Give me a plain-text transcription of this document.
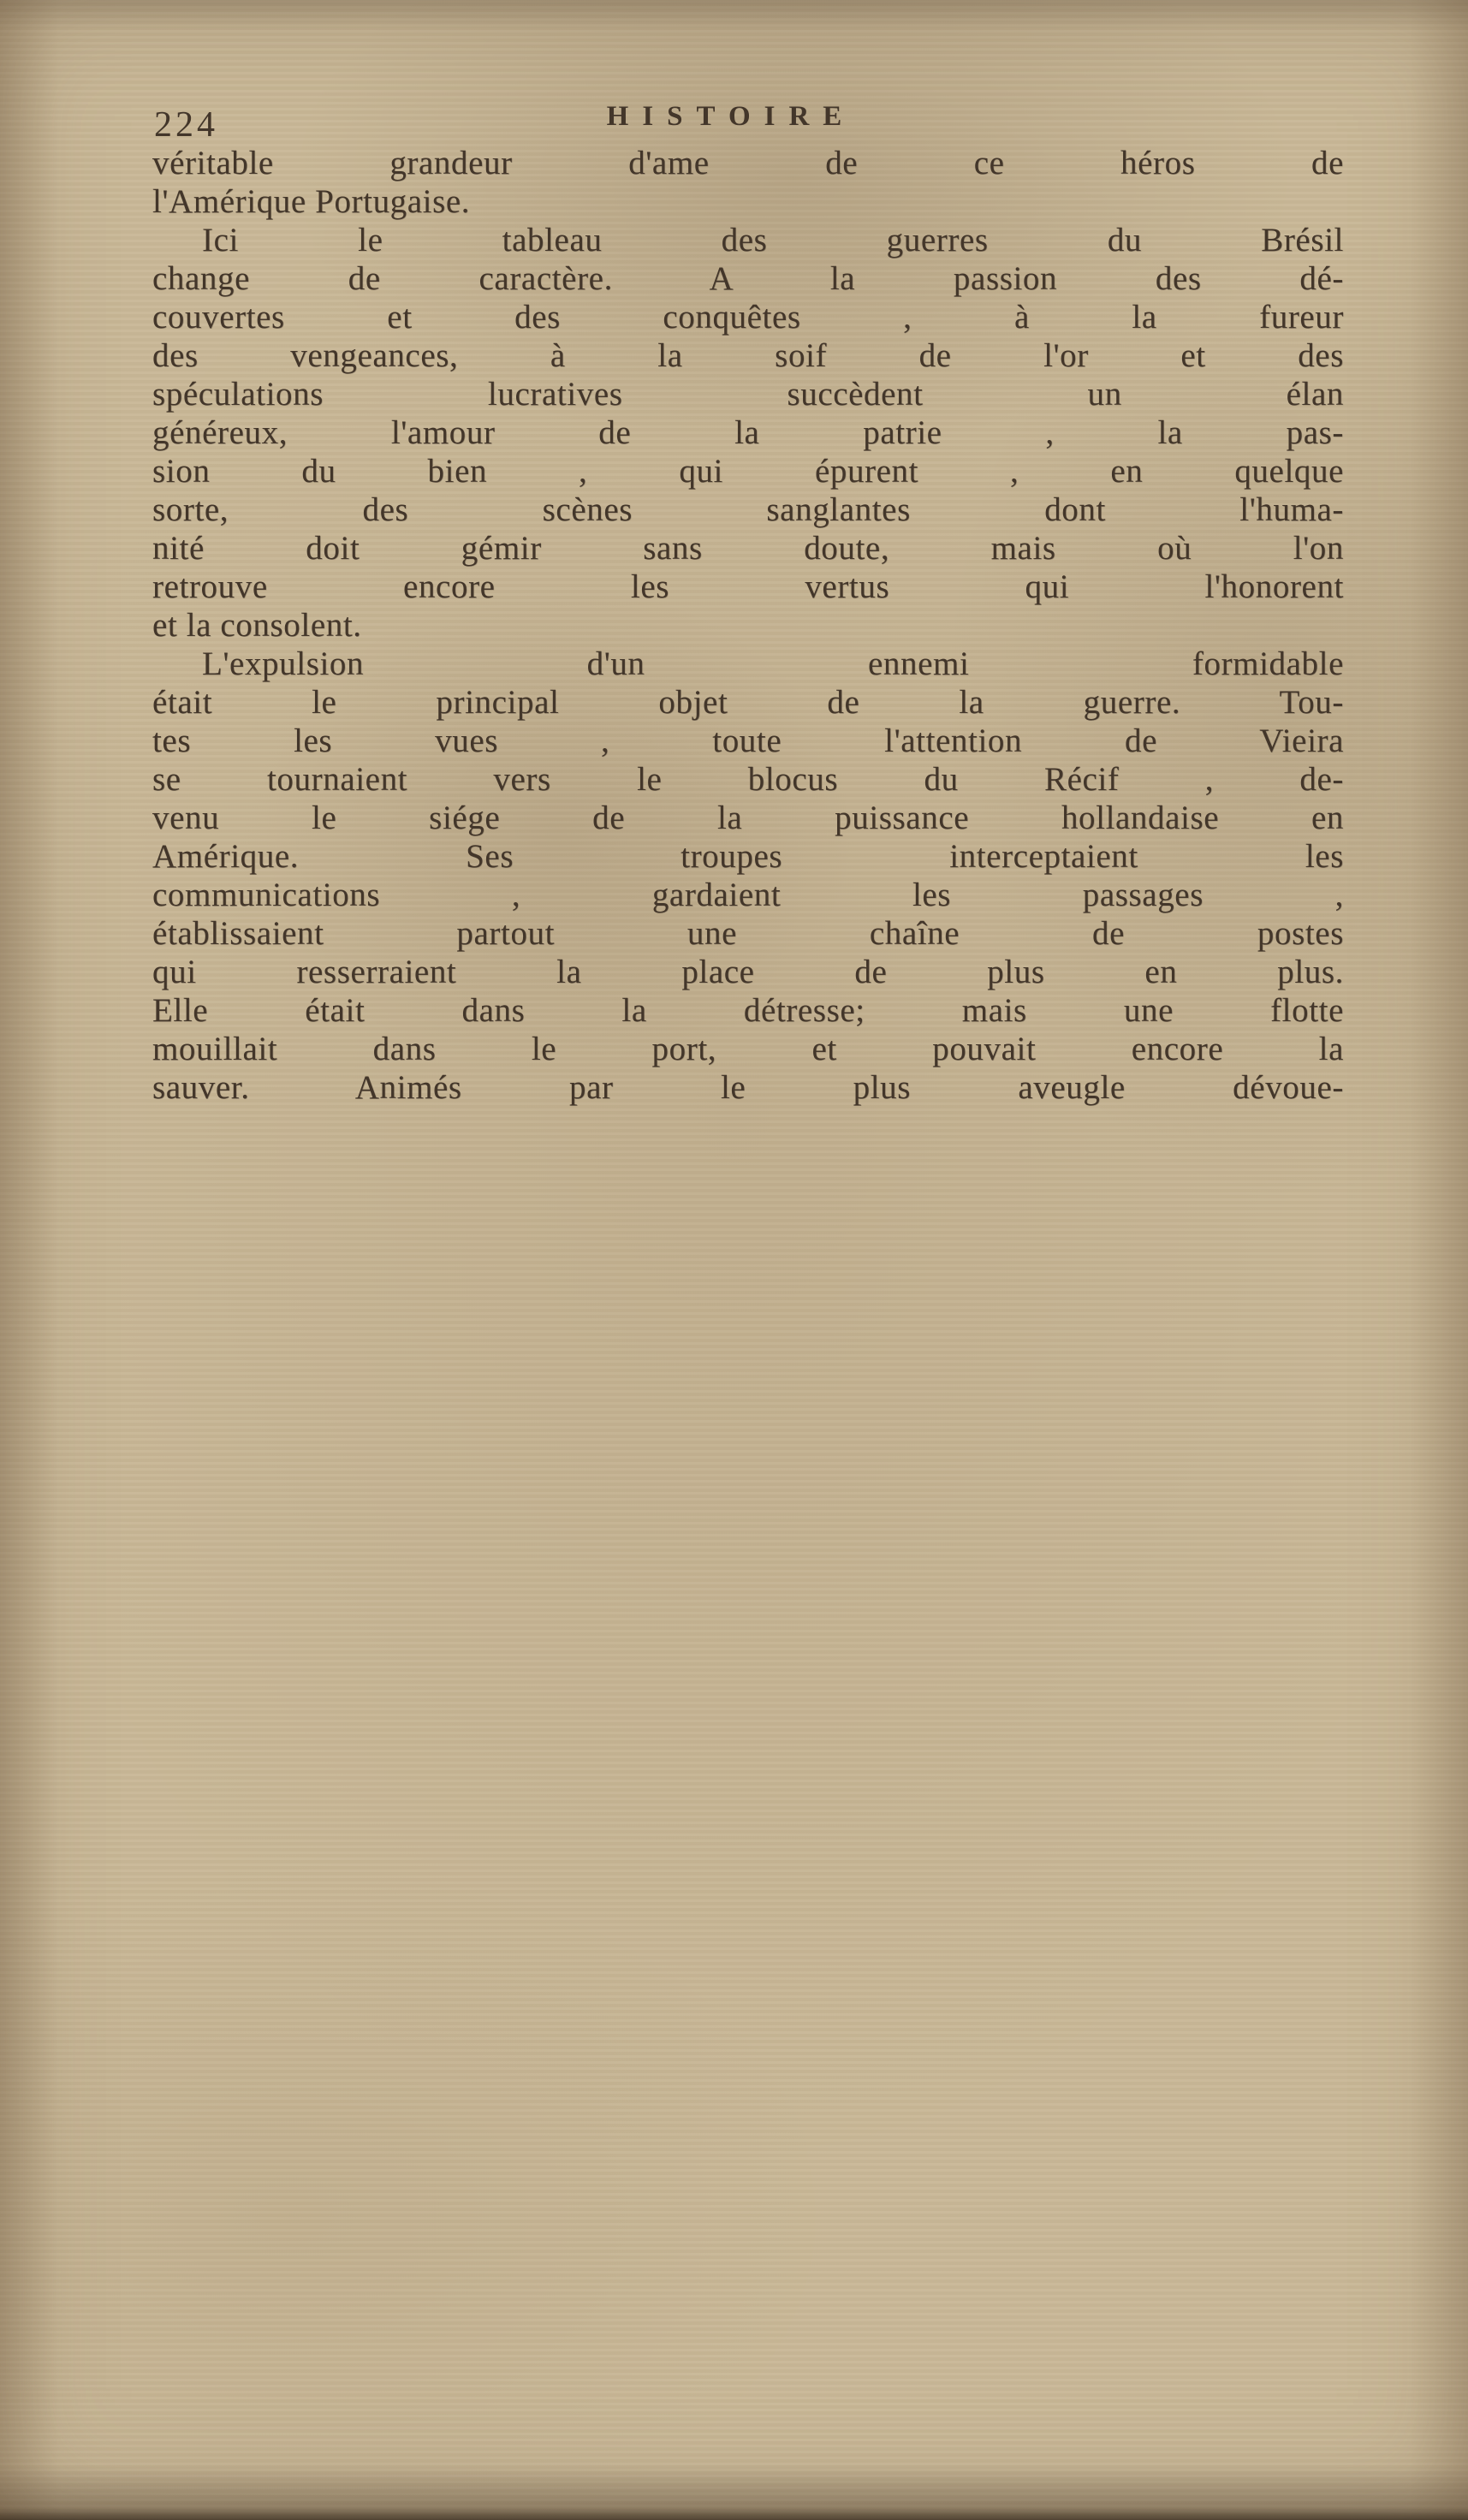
224	HISTOIRE
véritable grandeur d'ame de ce héros de
l'Amérique Portugaise.
Ici le tableau des guerres du Brésil
change de caractère. A la passion des dé-
couvertes et des conquêtes , à la fureur
des vengeances, à la soif de l'or et des
spéculations lucratives succèdent un élan
généreux, l'amour de la patrie , la pas-
sion du bien , qui épurent , en quelque
sorte, des scènes sanglantes dont l'huma-
nité doit gémir sans doute, mais où l'on
retrouve encore les vertus qui l'honorent
et la consolent.
L'expulsion d'un ennemi formidable
était le principal objet de la guerre. Tou-
tes les vues , toute l'attention de Vieira
se tournaient vers le blocus du Récif , de-
venu le siége de la puissance hollandaise en
Amérique. Ses troupes interceptaient les
communications , gardaient les passages ,
établissaient partout une chaîne de postes
qui resserraient la place de plus en plus.
Elle était dans la détresse; mais une flotte
mouillait dans le port, et pouvait encore la
sauver. Animés par le plus aveugle dévoue-
